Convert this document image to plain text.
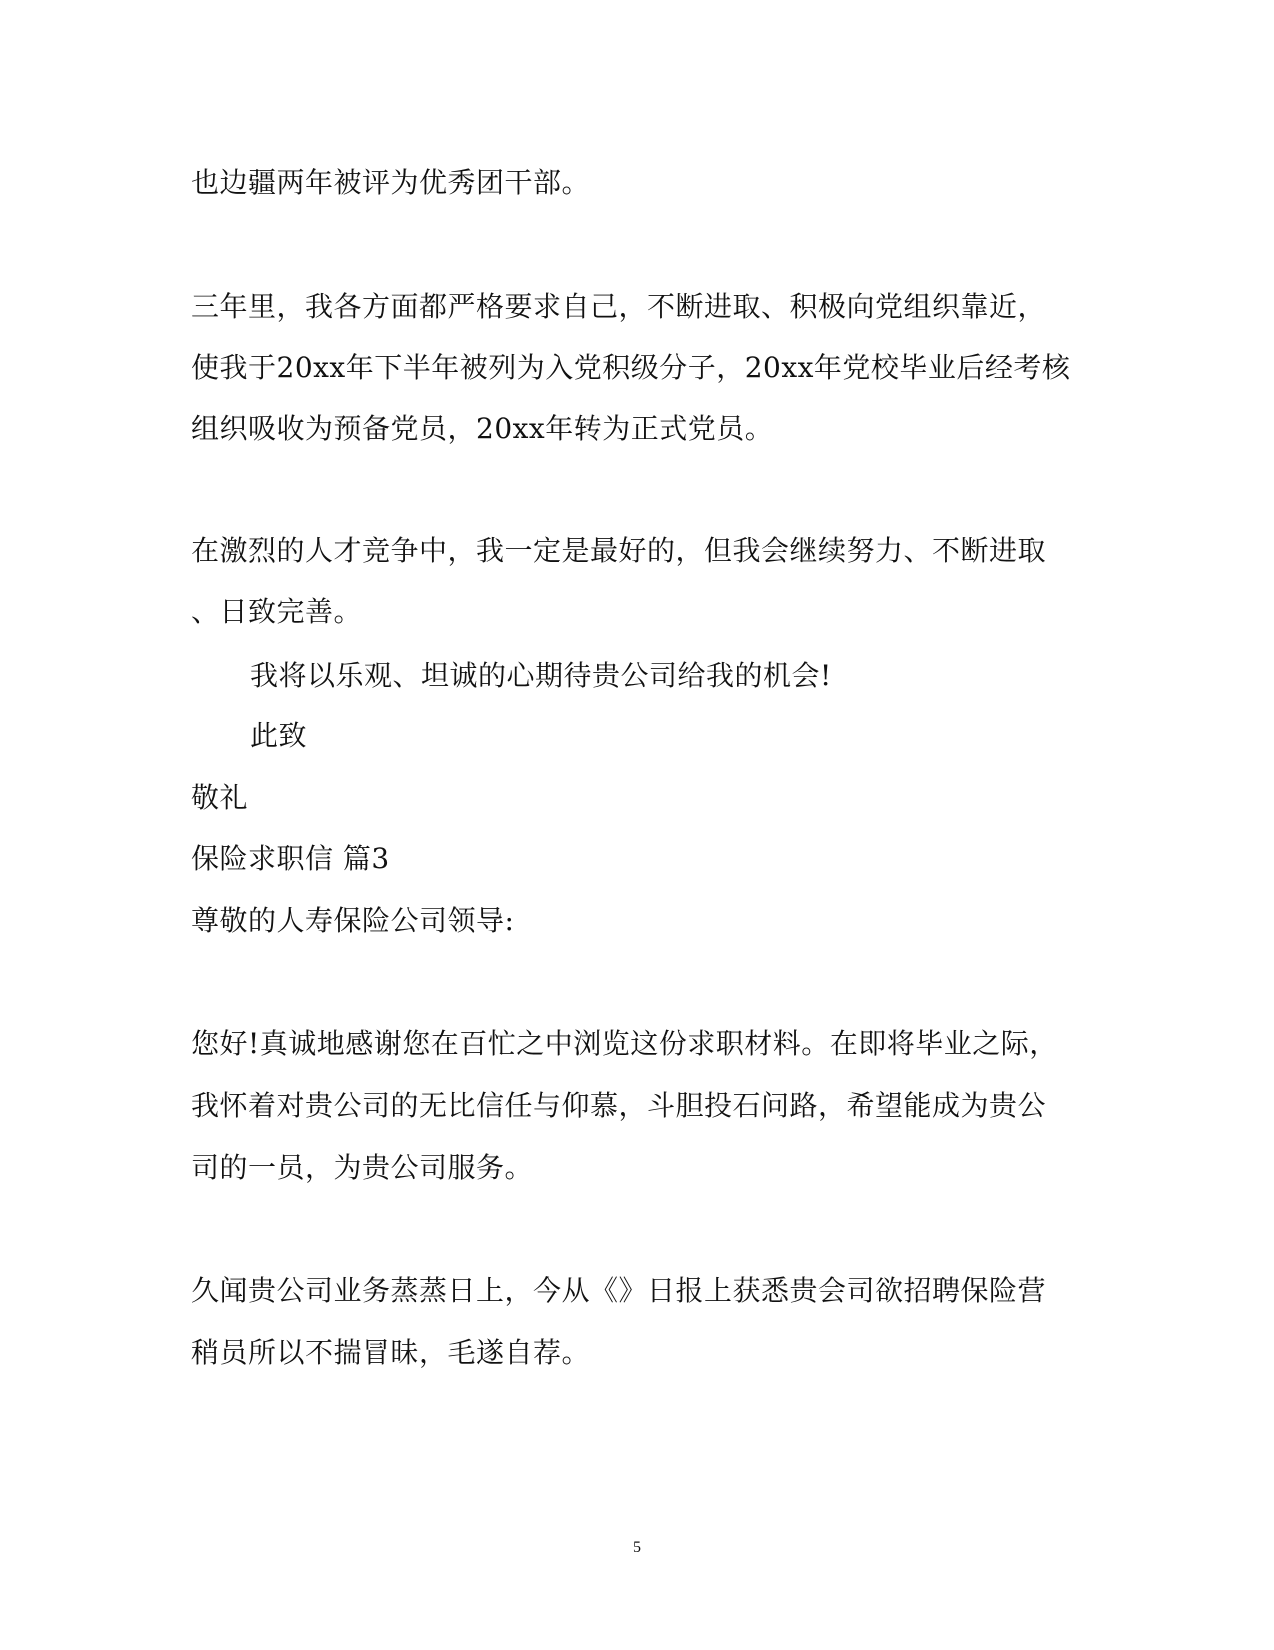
也边疆两年被评为优秀团干部。
三年里，我各方面都严格要求自己，不断进取、积极向党组织靠近，
使我于20xx年下半年被列为入党积级分子，20xx年党校毕业后经考核
组织吸收为预备党员，20xx年转为正式党员。
在激烈的人才竞争中，我一定是最好的，但我会继续努力、不断进取
、日致完善。
我将以乐观、坦诚的心期待贵公司给我的机会!
此致
敬礼
保险求职信 篇3
尊敬的人寿保险公司领导:
您好!真诚地感谢您在百忙之中浏览这份求职材料。在即将毕业之际，
我怀着对贵公司的无比信任与仰慕，斗胆投石问路，希望能成为贵公
司的一员，为贵公司服务。
久闻贵公司业务蒸蒸日上，今从《》日报上获悉贵会司欲招聘保险营
稍员所以不揣冒昧，毛遂自荐。
5
